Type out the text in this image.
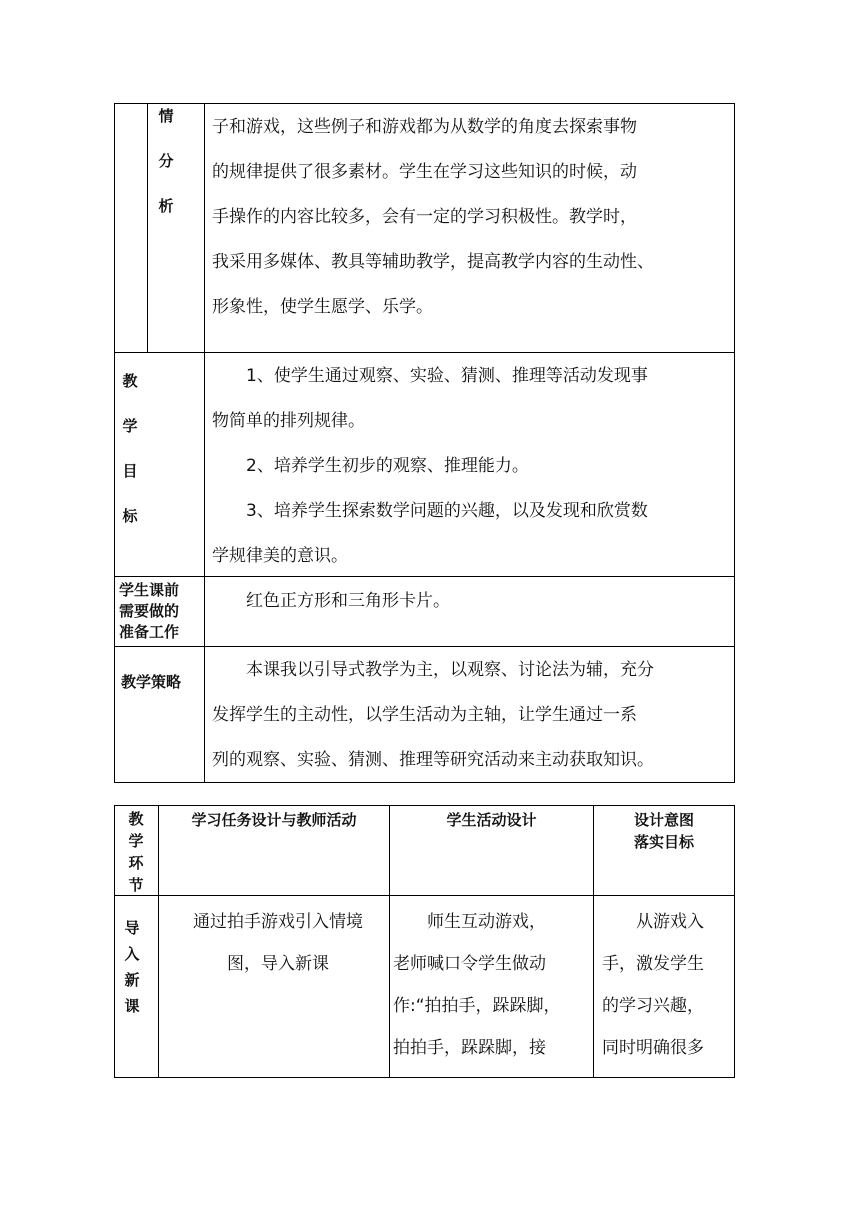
情
分
析
子和游戏，这些例子和游戏都为从数学的角度去探索事物
的规律提供了很多素材。学生在学习这些知识的时候，动
手操作的内容比较多，会有一定的学习积极性。教学时，
我采用多媒体、教具等辅助教学，提高教学内容的生动性、
形象性，使学生愿学、乐学。
教
学
目
标
1、使学生通过观察、实验、猜测、推理等活动发现事
物简单的排列规律。
2、培养学生初步的观察、推理能力。
3、培养学生探索数学问题的兴趣，以及发现和欣赏数
学规律美的意识。
学生课前
需要做的
准备工作
红色正方形和三角形卡片。
教学策略
本课我以引导式教学为主，以观察、讨论法为辅，充分
发挥学生的主动性，以学生活动为主轴，让学生通过一系
列的观察、实验、猜测、推理等研究活动来主动获取知识。
教
学
环
节
学习任务设计与教师活动	学生活动设计	设计意图
落实目标
导
入
新
课
通过拍手游戏引入情境
图，导入新课
师生互动游戏，
老师喊口令学生做动
作:“拍拍手，跺跺脚，
拍拍手，跺跺脚，接
从游戏入
手，激发学生
的学习兴趣，
同时明确很多
